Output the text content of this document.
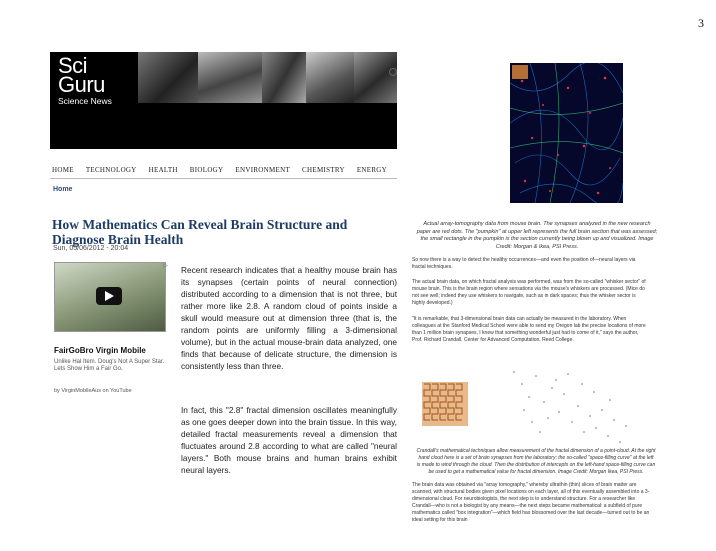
3
Sci
Guru
Science News
HOME TECHNOLOGY HEALTH BIOLOGY ENVIRONMENT CHEMISTRY ENERGY
Home
How Mathematics Can Reveal Brain Structure and Diagnose Brain Health
Sun, 05/06/2012 - 20:04
▷
FairGoBro Virgin Mobile
Unlike Hal Item. Doug's Not A Super Star. Lets Show Him a Fair Go.
by VirginMobileAus on YouTube
Recent research indicates that a healthy mouse brain has its synapses (certain points of neural connection) distributed according to a dimension that is not three, but rather more like 2.8. A random cloud of points inside a skull would measure out at dimension three (that is, the random points are uniformly filling a 3-dimensional volume), but in the actual mouse-brain data analyzed, one finds that because of delicate structure, the dimension is consistently less than three.
In fact, this "2.8" fractal dimension oscillates meaningfully as one goes deeper down into the brain tissue. In this way, detailed fractal measurements reveal a dimension that fluctuates around 2.8 according to what are called "neural layers." Both mouse brains and human brains exhibit neural layers.
Actual array-tomography data from mouse brain. The synapses analyzed in the new research paper are red dots. The "pumpkin" at upper left represents the full brain section that was assessed; the small rectangle in the pumpkin is the section currently being blown up and visualized. Image Credit: Morgan & Ikea, PSI Press.
So now there is a way to detect the healthy occurrences—and even the position of—neural layers via fractal techniques.
The actual brain data, on which fractal analysis was performed, was from the so-called "whisker sector" of mouse brain. This is the brain region where sensations via the mouse's whiskers are processed. (Mice do not see well; indeed they use whiskers to navigate, such as in dark spaces; thus the whisker sector is highly developed.)
"It is remarkable, that 3-dimensional brain data can actually be measured in the laboratory. When colleagues at the Stanford Medical School were able to send my Oregon lab the precise locations of more than 1 million brain synapses, I knew that something wonderful just had to come of it," says the author, Prof. Richard Crandall, Center for Advanced Computation, Reed College.
Crandall's mathematical techniques allow measurement of the fractal dimension of a point-cloud. At the right hand cloud here is a set of brain synapses from the laboratory; the so-called "space-filling curve" at the left is made to wind through the cloud. Then the distribution of intercepts on the left-hand space-filling curve can be used to get a mathematical value for fractal dimension. Image Credit: Morgan Ikea, PSI Press.
The brain data was obtained via "array tomography," whereby ultrathin (thin) slices of brain matter are scanned, with structural bodies given pixel locations on each layer, all of this eventually assembled into a 3-dimensional cloud. For neurobiologists, the next step is to understand structure. For a researcher like Crandall—who is not a biologist by any means—the next steps became mathematical: a subfield of pure mathematics called "box integration"—which field has blossomed over the last decade—turned out to be an ideal setting for this brain
